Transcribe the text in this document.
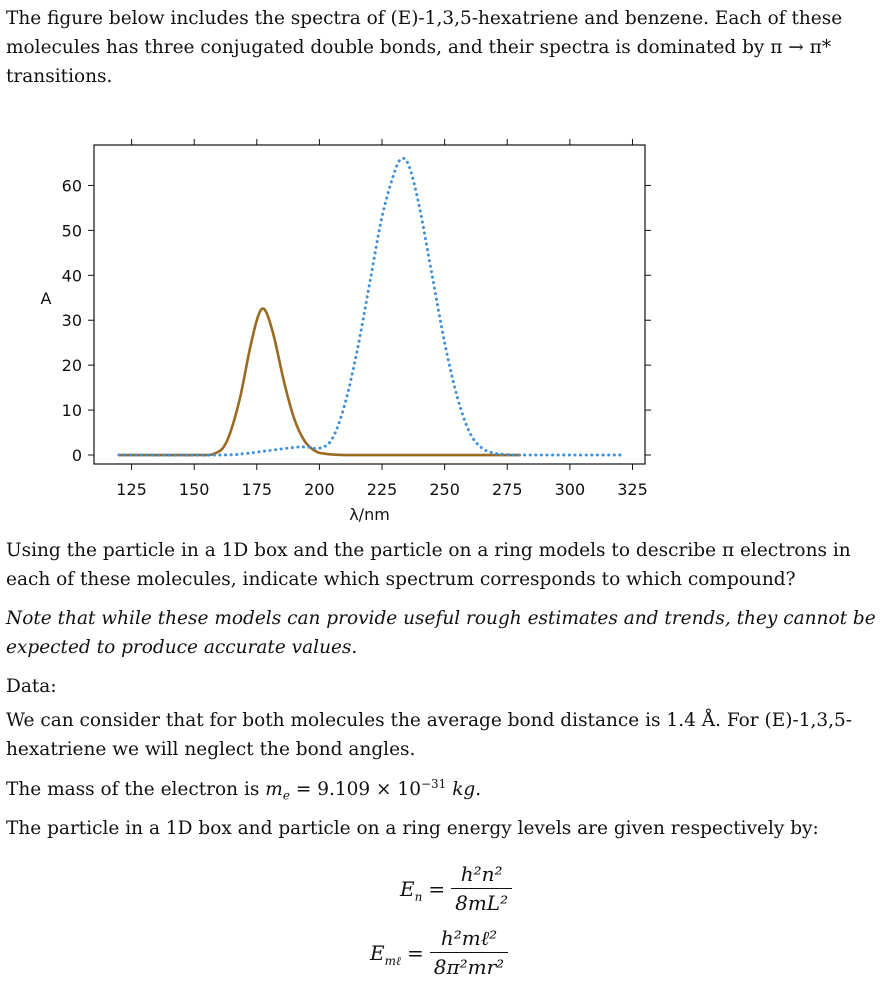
The figure below includes the spectra of (E)-1,3,5-hexatriene and benzene. Each of these molecules has three conjugated double bonds, and their spectra is dominated by π → π* transitions.

125 150 175 200 225 250 275 300 325
0
10
20
30
40
50
60
λ/nm
A

Using the particle in a 1D box and the particle on a ring models to describe π electrons in each of these molecules, indicate which spectrum corresponds to which compound?

Note that while these models can provide useful rough estimates and trends, they cannot be expected to produce accurate values.

Data:

We can consider that for both molecules the average bond distance is 1.4 Å. For (E)-1,3,5-hexatriene we will neglect the bond angles.

The mass of the electron is $m_e = 9.109 \times 10^{-31}$ kg.

The particle in a 1D box and particle on a ring energy levels are given respectively by:

$E_n = \frac{\text{h²n²}}{\text{8mL²}}$
$E_{m\ell} = \frac{\text{h²mℓ²}}{\text{8π²mr²}}$
